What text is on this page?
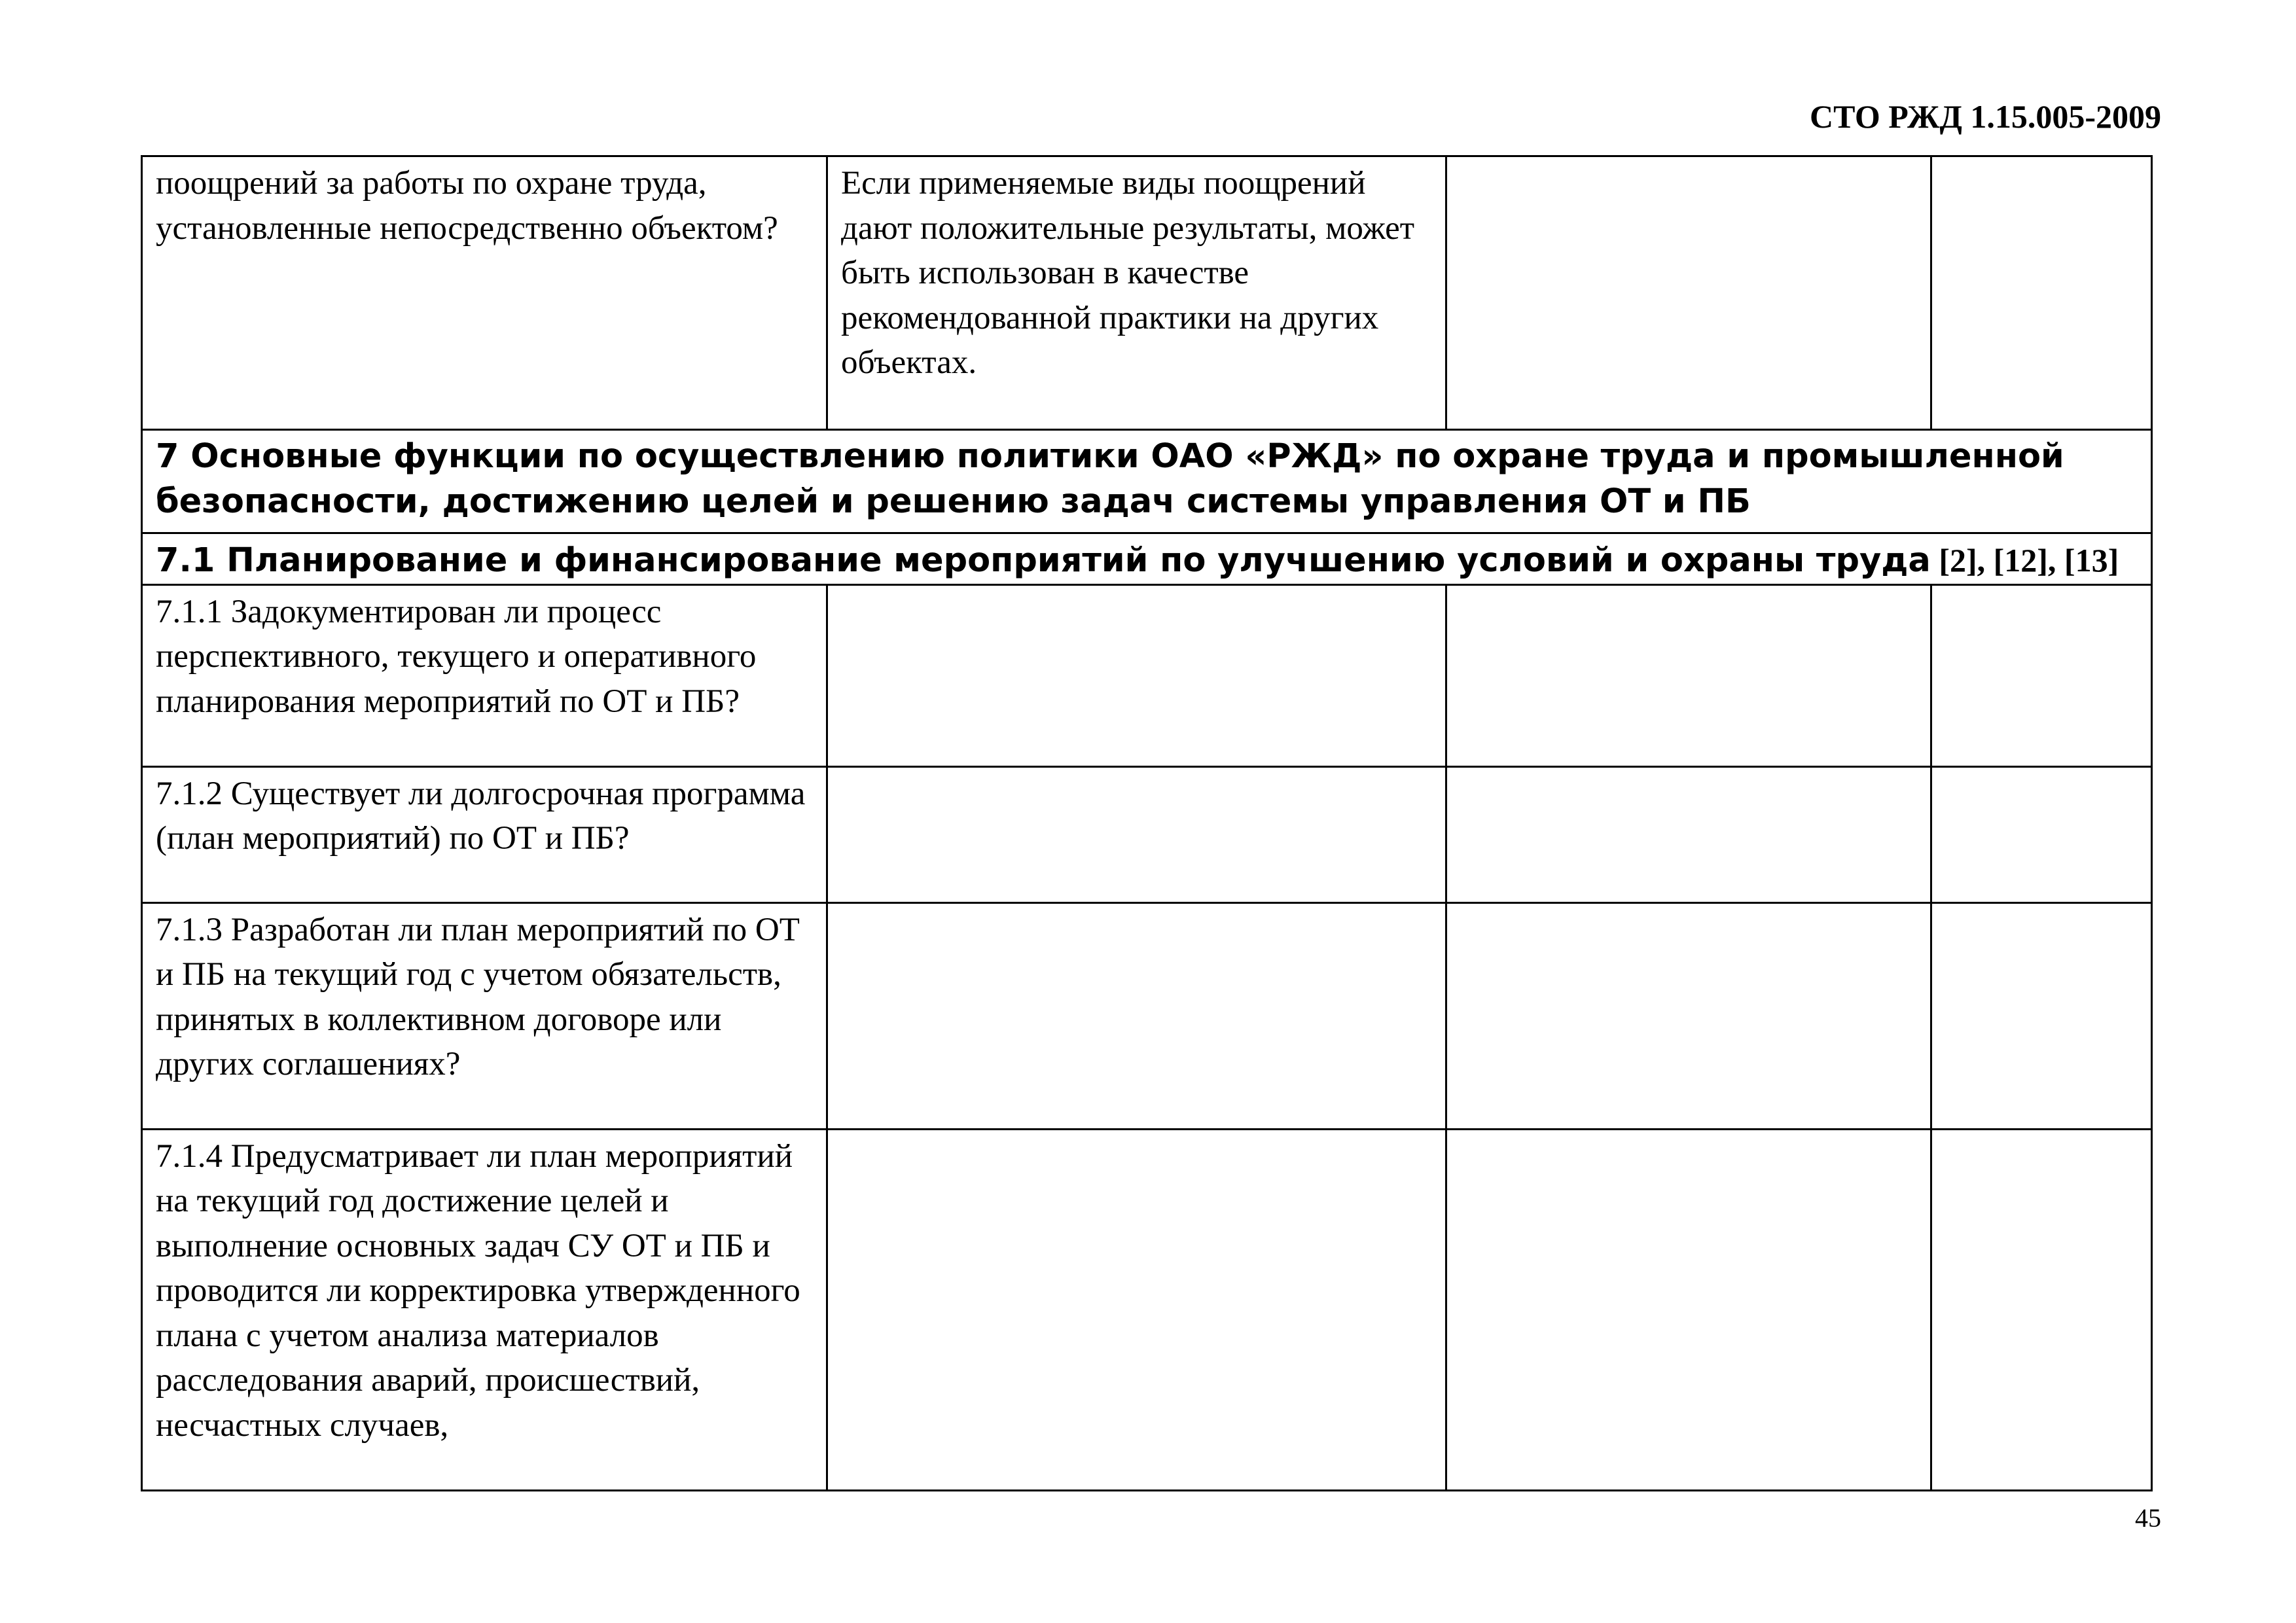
СТО РЖД 1.15.005-2009
поощрений за работы по охране труда, установленные непосредственно объектом?	Если применяемые виды поощрений дают положительные результаты, может быть использован в качестве рекомендованной практики на других объектах.		
7 Основные функции по осуществлению политики ОАО «РЖД» по охране труда и промышленной безопасности, достижению целей и решению задач системы управления ОТ и ПБ			
7.1 Планирование и финансирование мероприятий по улучшению условий и охраны труда [2], [12], [13]			
7.1.1 Задокументирован ли процесс перспективного, текущего и оперативного планирования мероприятий по ОТ и ПБ?			
7.1.2 Существует ли долгосрочная программа (план мероприятий) по ОТ и ПБ?			
7.1.3 Разработан ли план мероприятий по ОТ и ПБ на текущий год с учетом обязательств, принятых в коллективном договоре или других соглашениях?			
7.1.4 Предусматривает ли план мероприятий на текущий год достижение целей и выполнение основных задач СУ ОТ и ПБ и проводится ли корректировка утвержденного плана с учетом анализа материалов расследования аварий, происшествий, несчастных случаев,			
45
